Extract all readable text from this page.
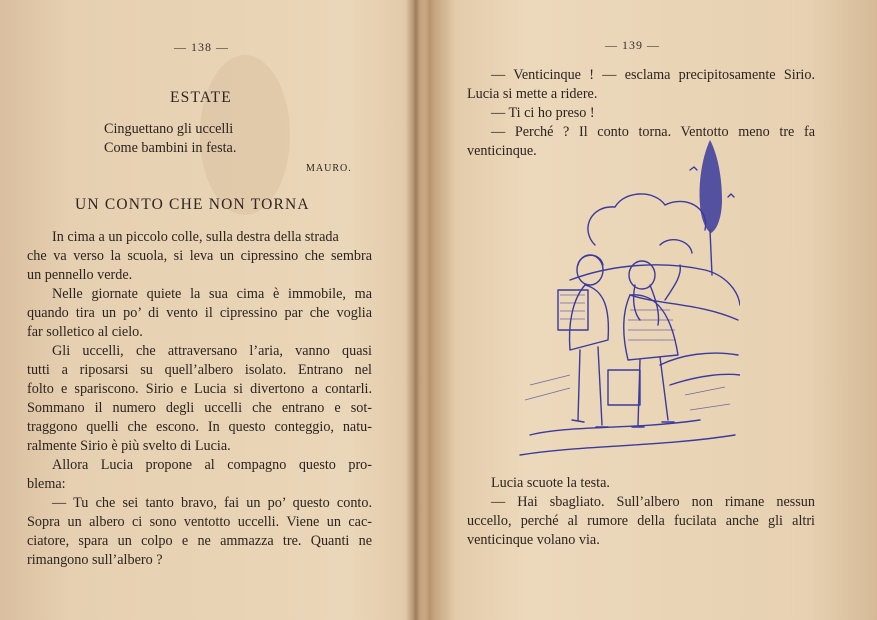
— 138 —
ESTATE
Cinguettano gli uccelli
Come bambini in festa.
MAURO.
UN CONTO CHE NON TORNA
In cima a un piccolo colle, sulla destra della strada
che va verso la scuola, si leva un cipressino che sembra
un pennello verde.
Nelle giornate quiete la sua cima è immobile, ma
quando tira un po’ di vento il cipressino par che voglia
far solletico al cielo.
Gli uccelli, che attraversano l’aria, vanno quasi
tutti a riposarsi su quell’albero isolato. Entrano nel
folto e spariscono. Sirio e Lucia si divertono a contarli.
Sommano il numero degli uccelli che entrano e sot-
traggono quelli che escono. In questo conteggio, natu-
ralmente Sirio è più svelto di Lucia.
Allora Lucia propone al compagno questo pro-
blema:
— Tu che sei tanto bravo, fai un po’ questo conto.
Sopra un albero ci sono ventotto uccelli. Viene un cac-
ciatore, spara un colpo e ne ammazza tre. Quanti ne
rimangono sull’albero ?
— 139 —
— Venticinque ! — esclama precipitosamente Sirio.
Lucia si mette a ridere.
— Ti ci ho preso !
— Perché ? Il conto torna. Ventotto meno tre fa
venticinque.
Lucia scuote la testa.
— Hai sbagliato. Sull’albero non rimane nessun
uccello, perché al rumore della fucilata anche gli altri
venticinque volano via.
